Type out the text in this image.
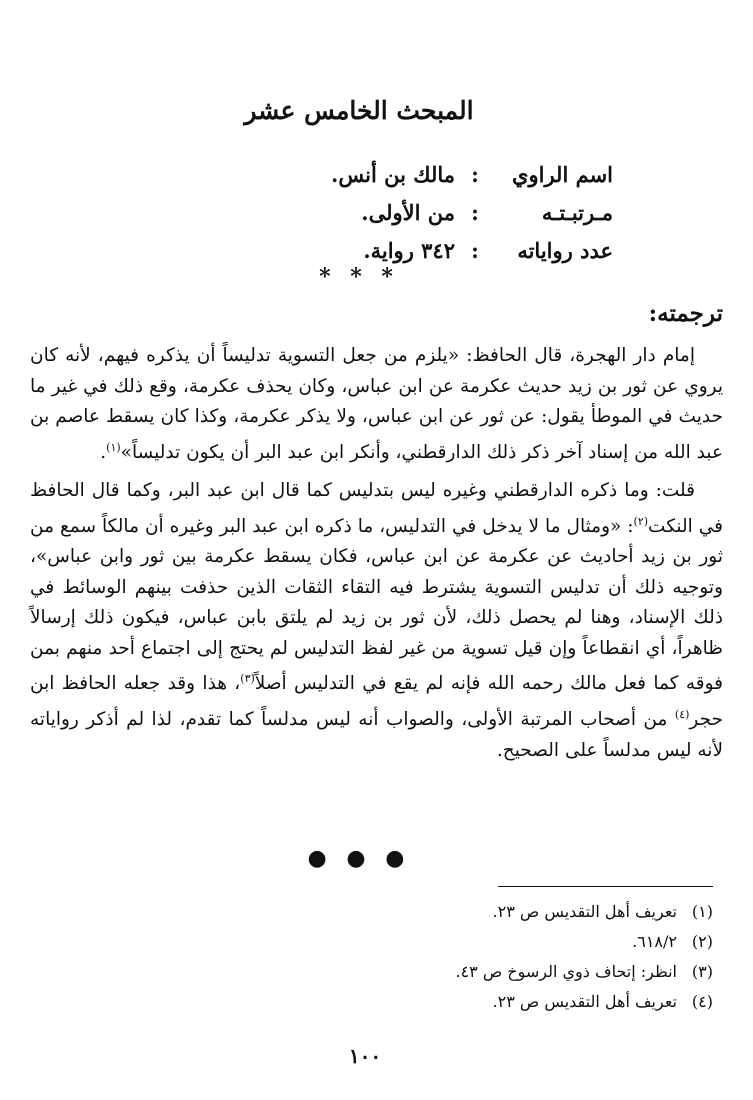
المبحث الخامس عشر
اسم الراوي
:
مالك بن أنس.
مـرتبـتـه
:
من الأولى.
عدد رواياته
:
٣٤٢ رواية.
* * *
ترجمته:

إمام دار الهجرة، قال الحافظ: «يلزم من جعل التسوية تدليساً أن يذكره فيهم، لأنه كان يروي عن ثور بن زيد حديث عكرمة عن ابن عباس، وكان يحذف عكرمة، وقع ذلك في غير ما حديث في الموطأ يقول: عن ثور عن ابن عباس، ولا يذكر عكرمة، وكذا كان يسقط عاصم بن عبد الله من إسناد آخر ذكر ذلك الدارقطني، وأنكر ابن عبد البر أن يكون تدليساً»$^{(١)}$.

قلت: وما ذكره الدارقطني وغيره ليس بتدليس كما قال ابن عبد البر، وكما قال الحافظ في النكت$^{(٢)}$: «ومثال ما لا يدخل في التدليس، ما ذكره ابن عبد البر وغيره أن مالكاً سمع من ثور بن زيد أحاديث عن عكرمة عن ابن عباس، فكان يسقط عكرمة بين ثور وابن عباس»، وتوجيه ذلك أن تدليس التسوية يشترط فيه التقاء الثقات الذين حذفت بينهم الوسائط في ذلك الإسناد، وهنا لم يحصل ذلك، لأن ثور بن زيد لم يلتق بابن عباس، فيكون ذلك إرسالاً ظاهراً، أي انقطاعاً وإن قيل تسوية من غير لفظ التدليس لم يحتج إلى اجتماع أحد منهم بمن فوقه كما فعل مالك رحمه الله فإنه لم يقع في التدليس أصلاً$^{(٣)}$، هذا وقد جعله الحافظ ابن حجر$^{(٤)}$ من أصحاب المرتبة الأولى، والصواب أنه ليس مدلساً كما تقدم، لذا لم أذكر رواياته لأنه ليس مدلساً على الصحيح.

● ● ●
(١)
تعريف أهل التقديس ص ٢٣.
(٢)
٦١٨/٢.
(٣)
انظر: إتحاف ذوي الرسوخ ص ٤٣.
(٤)
تعريف أهل التقديس ص ٢٣.
١٠٠
